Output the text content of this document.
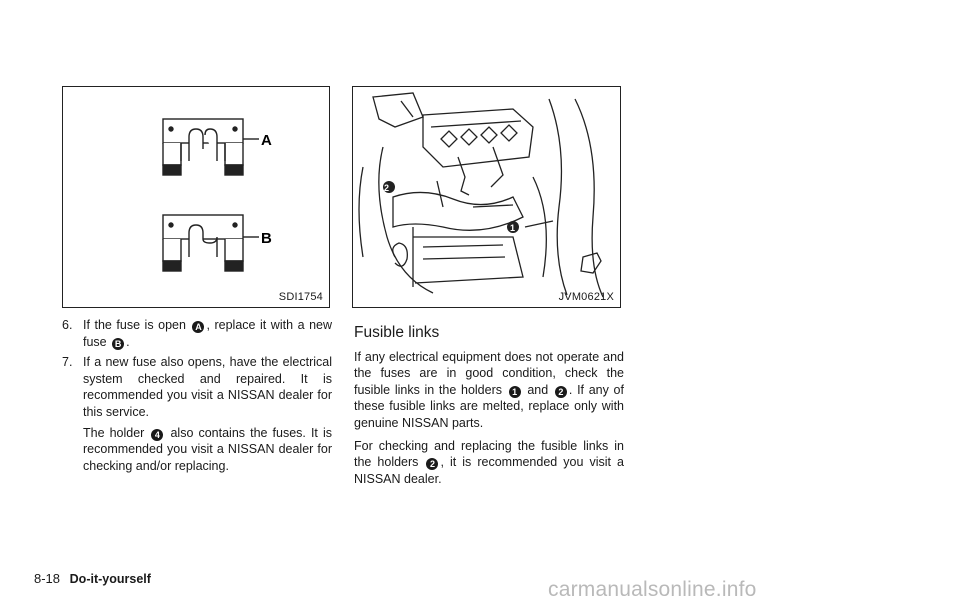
A
B
SDI1754
2
1
JVM0621X
6. If the fuse is open A , replace it with a new fuse B .

7. If a new fuse also opens, have the electrical system checked and repaired. It is recommended you visit a NISSAN dealer for this service.

The holder 4 also contains the fuses. It is recommended you visit a NISSAN dealer for checking and/or replacing.

Fusible links

If any electrical equipment does not operate and the fuses are in good condition, check the fusible links in the holders 1 and 2 . If any of these fusible links are melted, replace only with genuine NISSAN parts.

For checking and replacing the fusible links in the holders 2 , it is recommended you visit a NISSAN dealer.

8-18 Do-it-yourself	carmanualsonline.info
